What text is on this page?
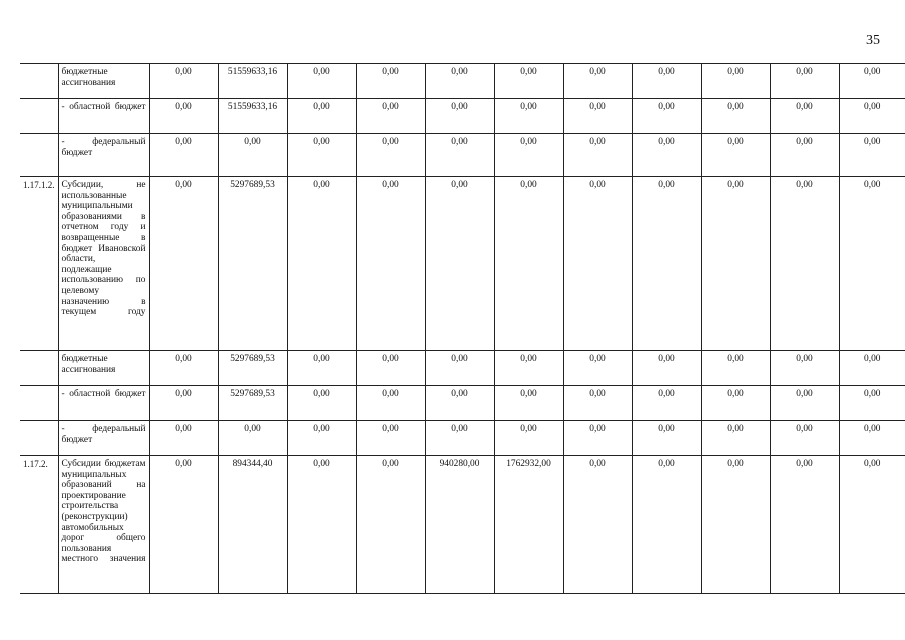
35
	бюджетные ассигнования	0,00	51559633,16	0,00	0,00	0,00	0,00	0,00	0,00	0,00	0,00	0,00
	- областной бюджет	0,00	51559633,16	0,00	0,00	0,00	0,00	0,00	0,00	0,00	0,00	0,00
	- федеральный бюджет	0,00	0,00	0,00	0,00	0,00	0,00	0,00	0,00	0,00	0,00	0,00
1.17.1.2.	Субсидии, не использованные муниципальными образованиями в отчетном году и возвращенные в бюджет Ивановской области, подлежащие использованию по целевому назначению в текущем году	0,00	5297689,53	0,00	0,00	0,00	0,00	0,00	0,00	0,00	0,00	0,00
	бюджетные ассигнования	0,00	5297689,53	0,00	0,00	0,00	0,00	0,00	0,00	0,00	0,00	0,00
	- областной бюджет	0,00	5297689,53	0,00	0,00	0,00	0,00	0,00	0,00	0,00	0,00	0,00
	- федеральный бюджет	0,00	0,00	0,00	0,00	0,00	0,00	0,00	0,00	0,00	0,00	0,00
1.17.2.	Субсидии бюджетам муниципальных образований на проектирование строительства (реконструкции) автомобильных дорог общего пользования местного значения	0,00	894344,40	0,00	0,00	940280,00	1762932,00	0,00	0,00	0,00	0,00	0,00
